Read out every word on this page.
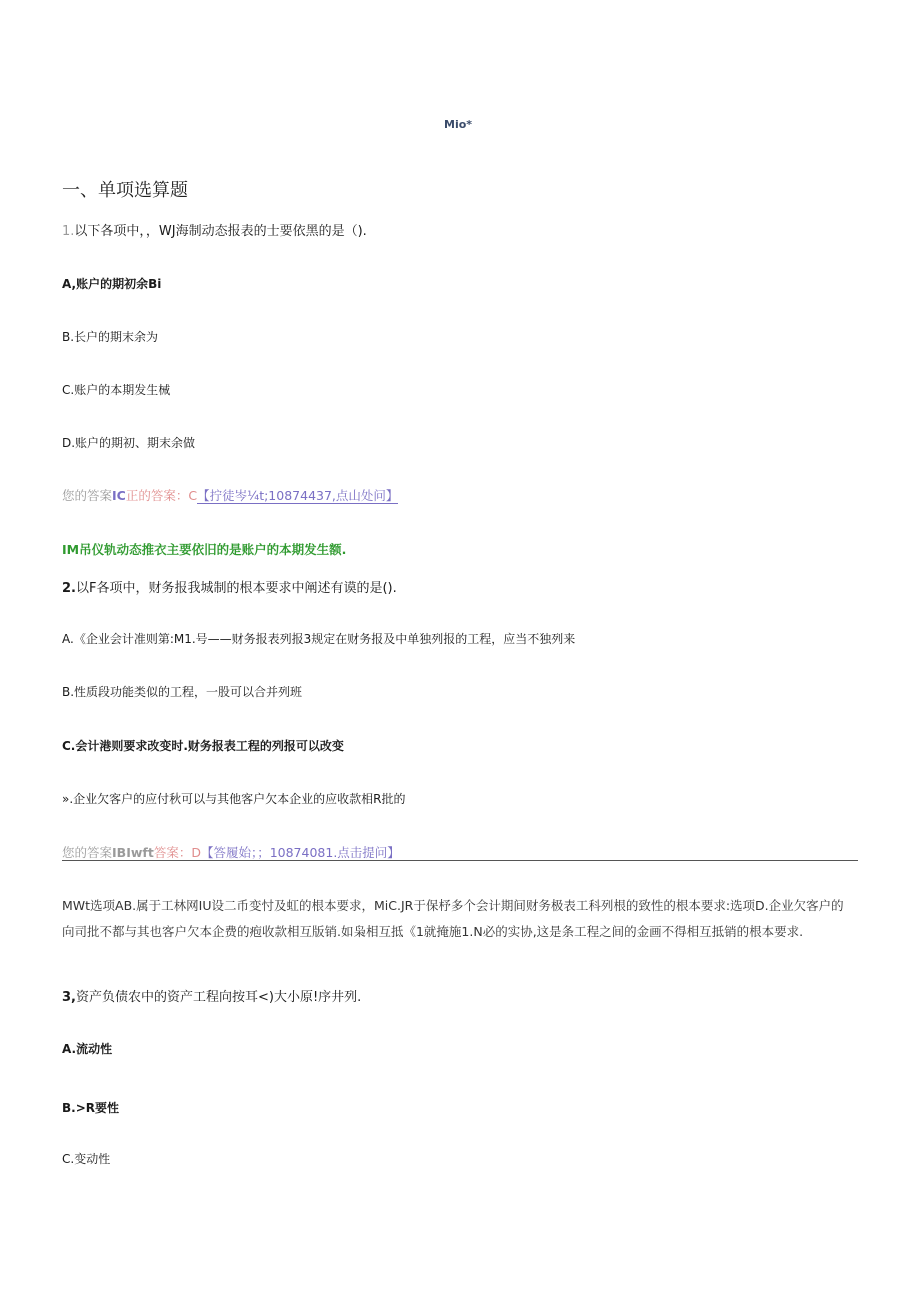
Mio*
一、单项选算题
1.以下各项中，，WJ海制动态报表的士要依黑的是（).
A,账户的期初余Bi
B.长户的期末余为
C.账户的本期发生械
D.账户的期初、期末余做
您的答案IC正的答案：C【拧徒岑¼t;10874437,点山处问】
IM吊仪轨动态推衣主要依旧的是账户的本期发生额.
2.以F各项中，财务报我城制的根本要求中阐述有谟的是().
A.《企业会计准则第:M1.号——财务报表列报3规定在财务报及中单独列报的工程，应当不独列来
B.性质段功能类似的工程，一股可以合并列班
C.会计港则要求改变时.财务报表工程的列报可以改变
».企业欠客户的应付秋可以与其他客户欠本企业的应收款相R批的
您的答案IBIwft答案：D【答履始；；10874081.点击提问】
MWt选项AB.属于工林网IU设二币变忖及虹的根本要求，MiC.JR于保杼多个会计期间财务极表工科列根的致性的根本要求:选项D.企业欠客户的向司批不都与其也客户欠本企费的疱收款相互版销.如枭相互抵《1就掩施1.N必的实协,这是条工程之间的金画不得相互抵销的根本要求.
3,资产负债农中的资产工程向按耳<)大小原!序井列.
A.流动性
B.>R要性
C.变动性
